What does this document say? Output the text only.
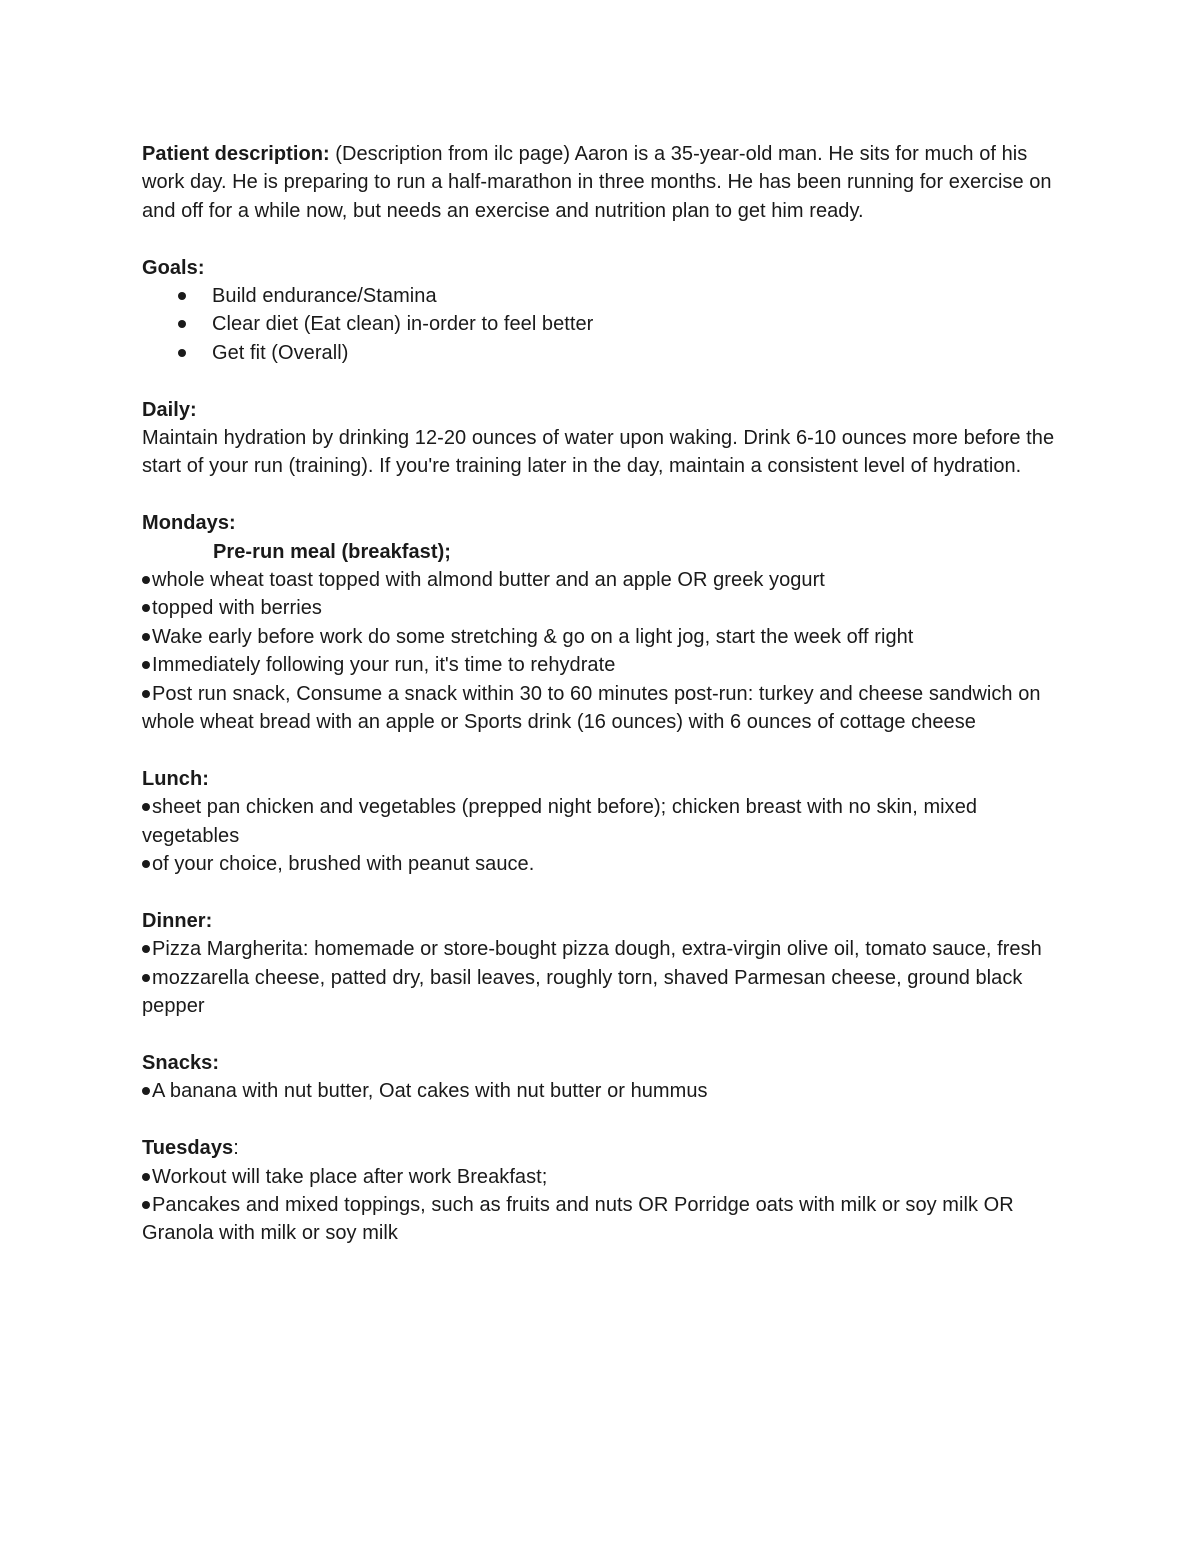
Patient description: (Description from ilc page) Aaron is a 35-year-old man. He sits for much of his work day. He is preparing to run a half-marathon in three months. He has been running for exercise on and off for a while now, but needs an exercise and nutrition plan to get him ready.

Goals:

Build endurance/Stamina
Clear diet (Eat clean) in-order to feel better
Get fit (Overall)

Daily:

Maintain hydration by drinking 12-20 ounces of water upon waking. Drink 6-10 ounces more before the start of your run (training). If you're training later in the day, maintain a consistent level of hydration.

Mondays:

Pre-run meal (breakfast);

whole wheat toast topped with almond butter and an apple OR greek yogurt

topped with berries

Wake early before work do some stretching & go on a light jog, start the week off right

Immediately following your run, it's time to rehydrate

Post run snack, Consume a snack within 30 to 60 minutes post-run: turkey and cheese sandwich on whole wheat bread with an apple or Sports drink (16 ounces) with 6 ounces of cottage cheese

Lunch:

sheet pan chicken and vegetables (prepped night before); chicken breast with no skin, mixed vegetables

of your choice, brushed with peanut sauce.

Dinner:

Pizza Margherita: homemade or store-bought pizza dough, extra-virgin olive oil, tomato sauce, fresh

mozzarella cheese, patted dry, basil leaves, roughly torn, shaved Parmesan cheese, ground black pepper

Snacks:

A banana with nut butter, Oat cakes with nut butter or hummus

Tuesdays:

Workout will take place after work Breakfast;

Pancakes and mixed toppings, such as fruits and nuts OR Porridge oats with milk or soy milk OR Granola with milk or soy milk
